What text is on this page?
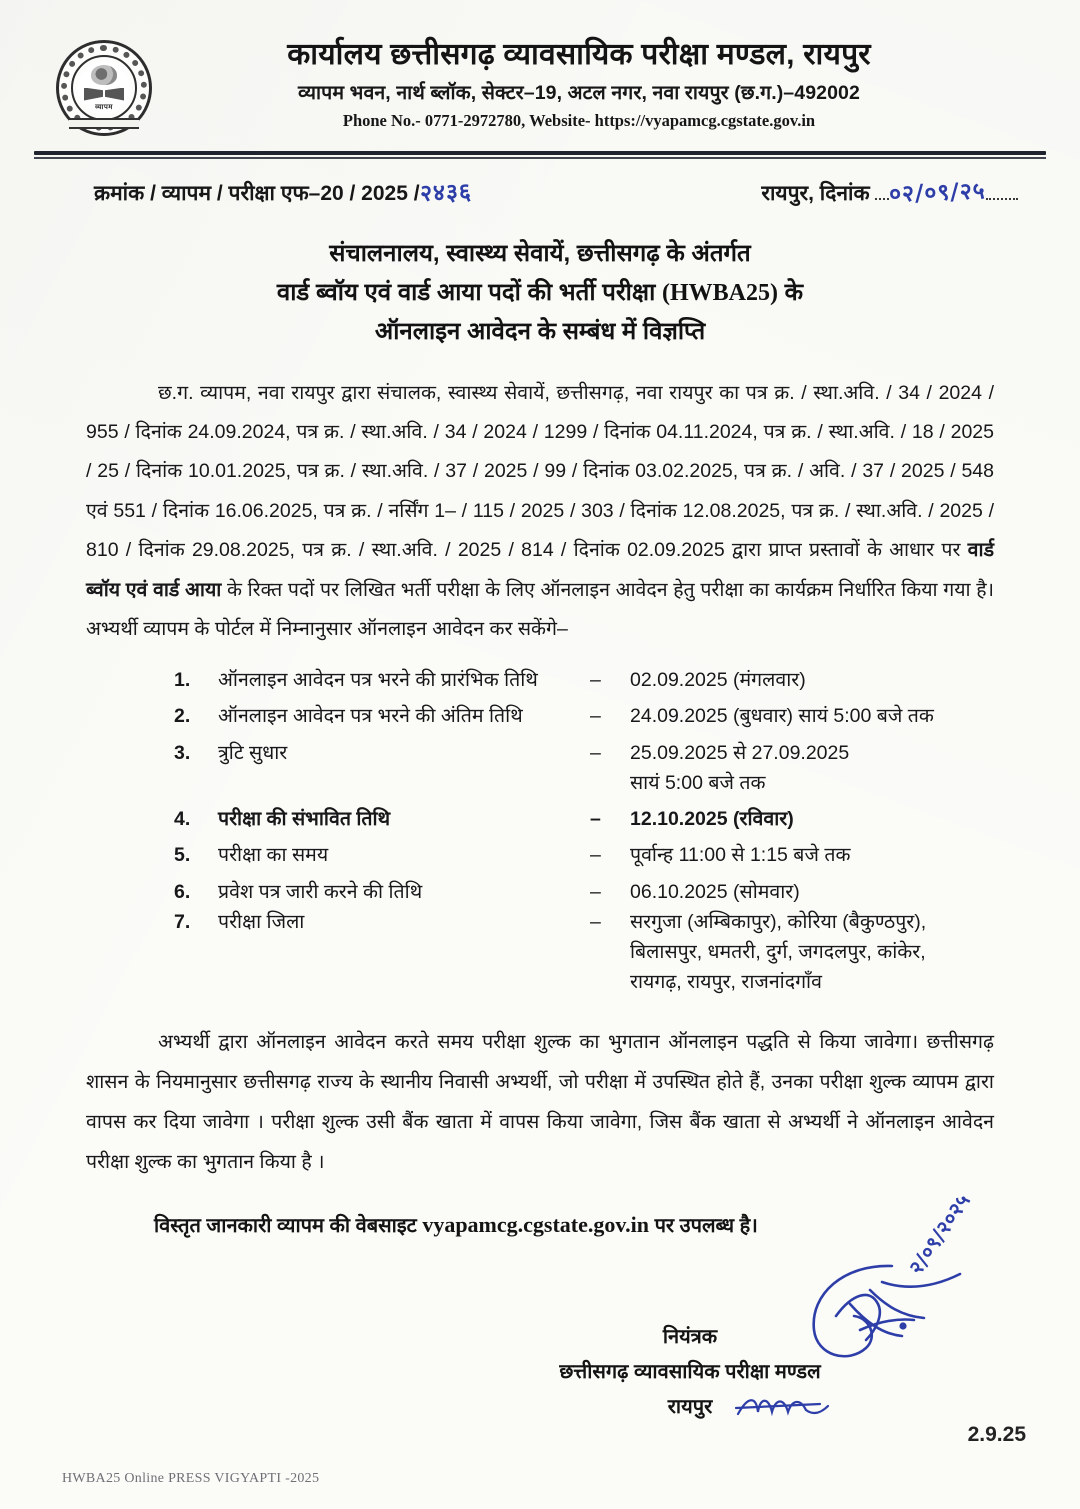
व्यापम
कार्यालय छत्तीसगढ़ व्यावसायिक परीक्षा मण्डल, रायपुर
व्यापम भवन, नार्थ ब्लॉक, सेक्टर–19, अटल नगर, नवा रायपुर (छ.ग.)–492002
Phone No.- 0771-2972780, Website- https://vyapamcg.cgstate.gov.in
क्रमांक / व्यापम / परीक्षा एफ–20 / 2025 /२४३६	रायपुर, दिनांक ०२/०९/२५
संचालनालय, स्वास्थ्य सेवायें, छत्तीसगढ़ के अंतर्गत
वार्ड ब्वॉय एवं वार्ड आया पदों की भर्ती परीक्षा (HWBA25) के
ऑनलाइन आवेदन के सम्बंध में विज्ञप्ति
छ.ग. व्यापम, नवा रायपुर द्वारा संचालक, स्वास्थ्य सेवायें, छत्तीसगढ़, नवा रायपुर का पत्र क्र. / स्था.अवि. / 34 / 2024 / 955 / दिनांक 24.09.2024, पत्र क्र. / स्था.अवि. / 34 / 2024 / 1299 / दिनांक 04.11.2024, पत्र क्र. / स्था.अवि. / 18 / 2025 / 25 / दिनांक 10.01.2025, पत्र क्र. / स्था.अवि. / 37 / 2025 / 99 / दिनांक 03.02.2025, पत्र क्र. / अवि. / 37 / 2025 / 548 एवं 551 / दिनांक 16.06.2025, पत्र क्र. / नर्सिंग 1– / 115 / 2025 / 303 / दिनांक 12.08.2025, पत्र क्र. / स्था.अवि. / 2025 / 810 / दिनांक 29.08.2025, पत्र क्र. / स्था.अवि. / 2025 / 814 / दिनांक 02.09.2025 द्वारा प्राप्त प्रस्तावों के आधार पर वार्ड ब्वॉय एवं वार्ड आया के रिक्त पदों पर लिखित भर्ती परीक्षा के लिए ऑनलाइन आवेदन हेतु परीक्षा का कार्यक्रम निर्धारित किया गया है। अभ्यर्थी व्यापम के पोर्टल में निम्नानुसार ऑनलाइन आवेदन कर सकेंगे–
1.	ऑनलाइन आवेदन पत्र भरने की प्रारंभिक तिथि	–	02.09.2025 (मंगलवार)
2.	ऑनलाइन आवेदन पत्र भरने की अंतिम तिथि	–	24.09.2025 (बुधवार) सायं 5:00 बजे तक
3.	त्रुटि सुधार	–	25.09.2025 से 27.09.2025
सायं 5:00 बजे तक
4.	परीक्षा की संभावित तिथि	–	12.10.2025 (रविवार)
5.	परीक्षा का समय	–	पूर्वान्ह 11:00 से 1:15 बजे तक
6.	प्रवेश पत्र जारी करने की तिथि	–	06.10.2025 (सोमवार)
7.	परीक्षा जिला	–	सरगुजा (अम्बिकापुर), कोरिया (बैकुण्ठपुर),
बिलासपुर, धमतरी, दुर्ग, जगदलपुर, कांकेर,
रायगढ़, रायपुर, राजनांदगाँव
अभ्यर्थी द्वारा ऑनलाइन आवेदन करते समय परीक्षा शुल्क का भुगतान ऑनलाइन पद्धति से किया जावेगा। छत्तीसगढ़ शासन के नियमानुसार छत्तीसगढ़ राज्य के स्थानीय निवासी अभ्यर्थी, जो परीक्षा में उपस्थित होते हैं, उनका परीक्षा शुल्क व्यापम द्वारा वापस कर दिया जावेगा । परीक्षा शुल्क उसी बैंक खाता में वापस किया जावेगा, जिस बैंक खाता से अभ्यर्थी ने ऑनलाइन आवेदन परीक्षा शुल्क का भुगतान किया है ।
विस्तृत जानकारी व्यापम की वेबसाइट vyapamcg.cgstate.gov.in पर उपलब्ध है।	२/०९/२०२५
नियंत्रक
छत्तीसगढ़ व्यावसायिक परीक्षा मण्डल
रायपुर
2.9.25
HWBA25 Online PRESS VIGYAPTI -2025
